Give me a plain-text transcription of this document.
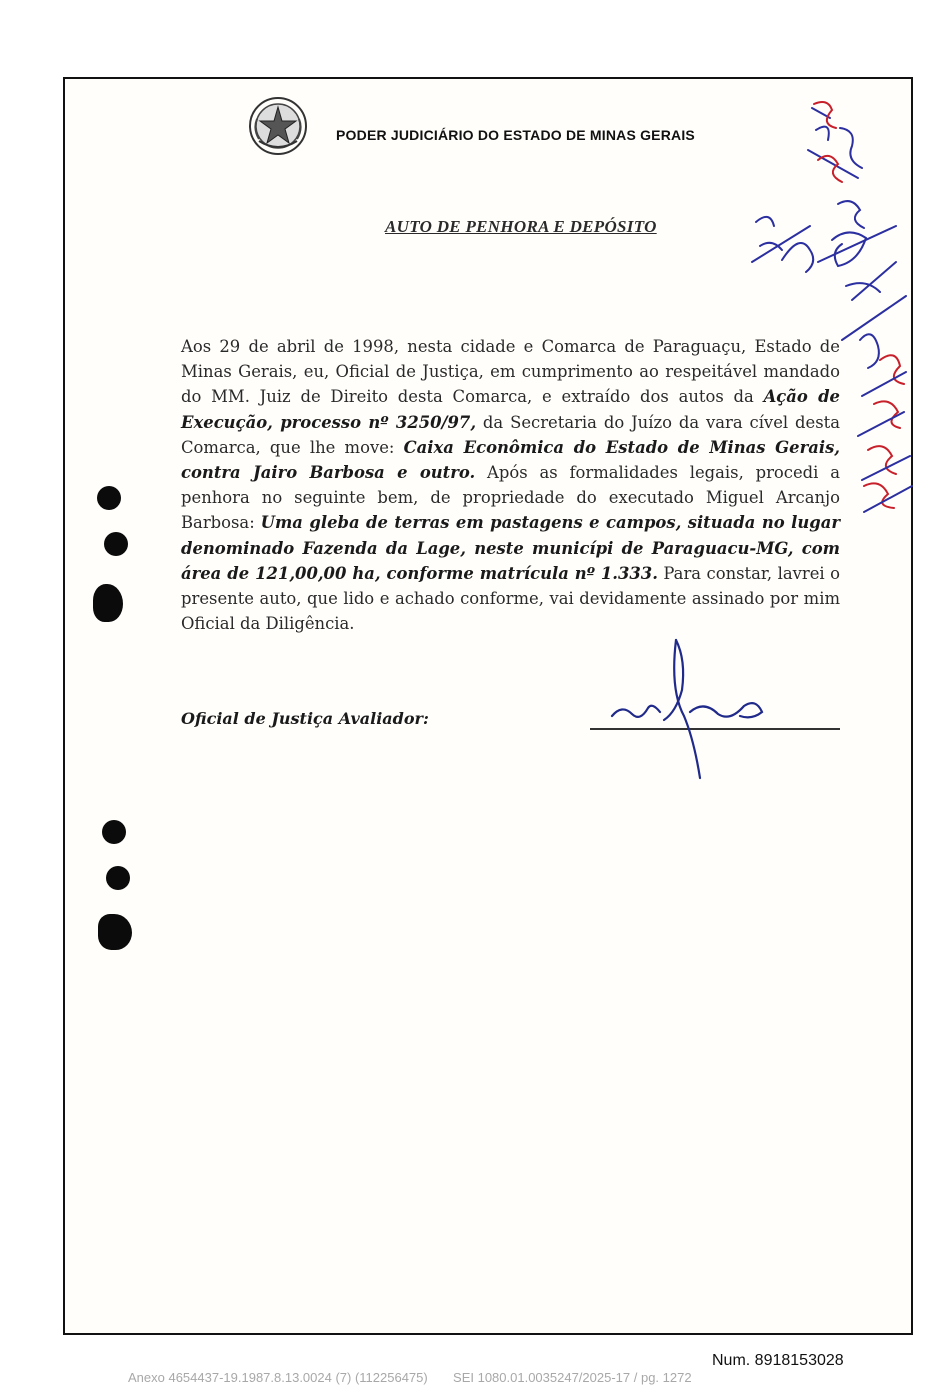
PODER JUDICIÁRIO DO ESTADO DE MINAS GERAIS
AUTO DE PENHORA E DEPÓSITO
Aos 29 de abril de 1998, nesta cidade e Comarca de Paraguaçu, Estado de Minas Gerais, eu, Oficial de Justiça, em cumprimento ao respeitável mandado do MM. Juiz de Direito desta Comarca, e extraído dos autos da Ação de Execução, processo nº 3250/97, da Secretaria do Juízo da vara cível desta Comarca, que lhe move: Caixa Econômica do Estado de Minas Gerais, contra Jairo Barbosa e outro. Após as formalidades legais, procedi a penhora no seguinte bem, de propriedade do executado Miguel Arcanjo Barbosa: Uma gleba de terras em pastagens e campos, situada no lugar denominado Fazenda da Lage, neste municípi de Paraguacu-MG, com área de 121,00,00 ha, conforme matrícula nº 1.333. Para constar, lavrei o presente auto, que lido e achado conforme, vai devidamente assinado por mim Oficial da Diligência.
Oficial de Justiça Avaliador:
Num. 8918153028
Anexo 4654437-19.1987.8.13.0024 (7) (112256475) SEI 1080.01.0035247/2025-17 / pg. 1272
